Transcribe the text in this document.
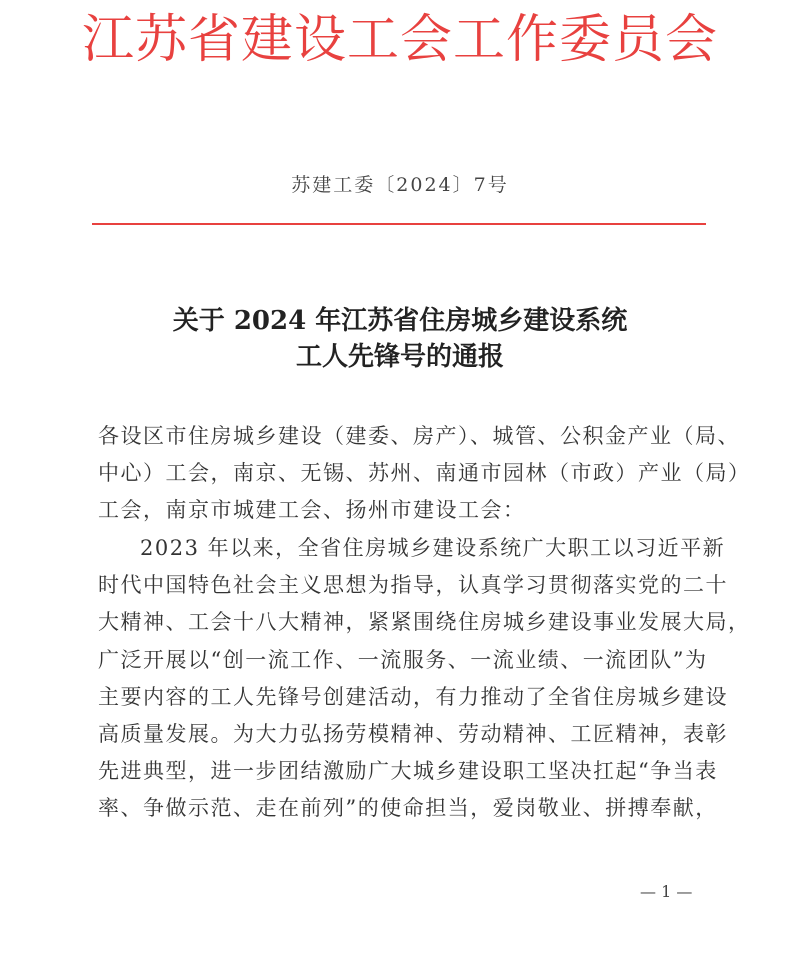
江苏省建设工会工作委员会
苏建工委〔2024〕7号
关于 2024 年江苏省住房城乡建设系统
工人先锋号的通报
各设区市住房城乡建设（建委、房产）、城管、公积金产业（局、
中心）工会，南京、无锡、苏州、南通市园林（市政）产业（局）
工会，南京市城建工会、扬州市建设工会：
2023 年以来，全省住房城乡建设系统广大职工以习近平新
时代中国特色社会主义思想为指导，认真学习贯彻落实党的二十
大精神、工会十八大精神，紧紧围绕住房城乡建设事业发展大局，
广泛开展以“创一流工作、一流服务、一流业绩、一流团队”为
主要内容的工人先锋号创建活动，有力推动了全省住房城乡建设
高质量发展。为大力弘扬劳模精神、劳动精神、工匠精神，表彰
先进典型，进一步团结激励广大城乡建设职工坚决扛起“争当表
率、争做示范、走在前列”的使命担当，爱岗敬业、拼搏奉献，
— 1 —
